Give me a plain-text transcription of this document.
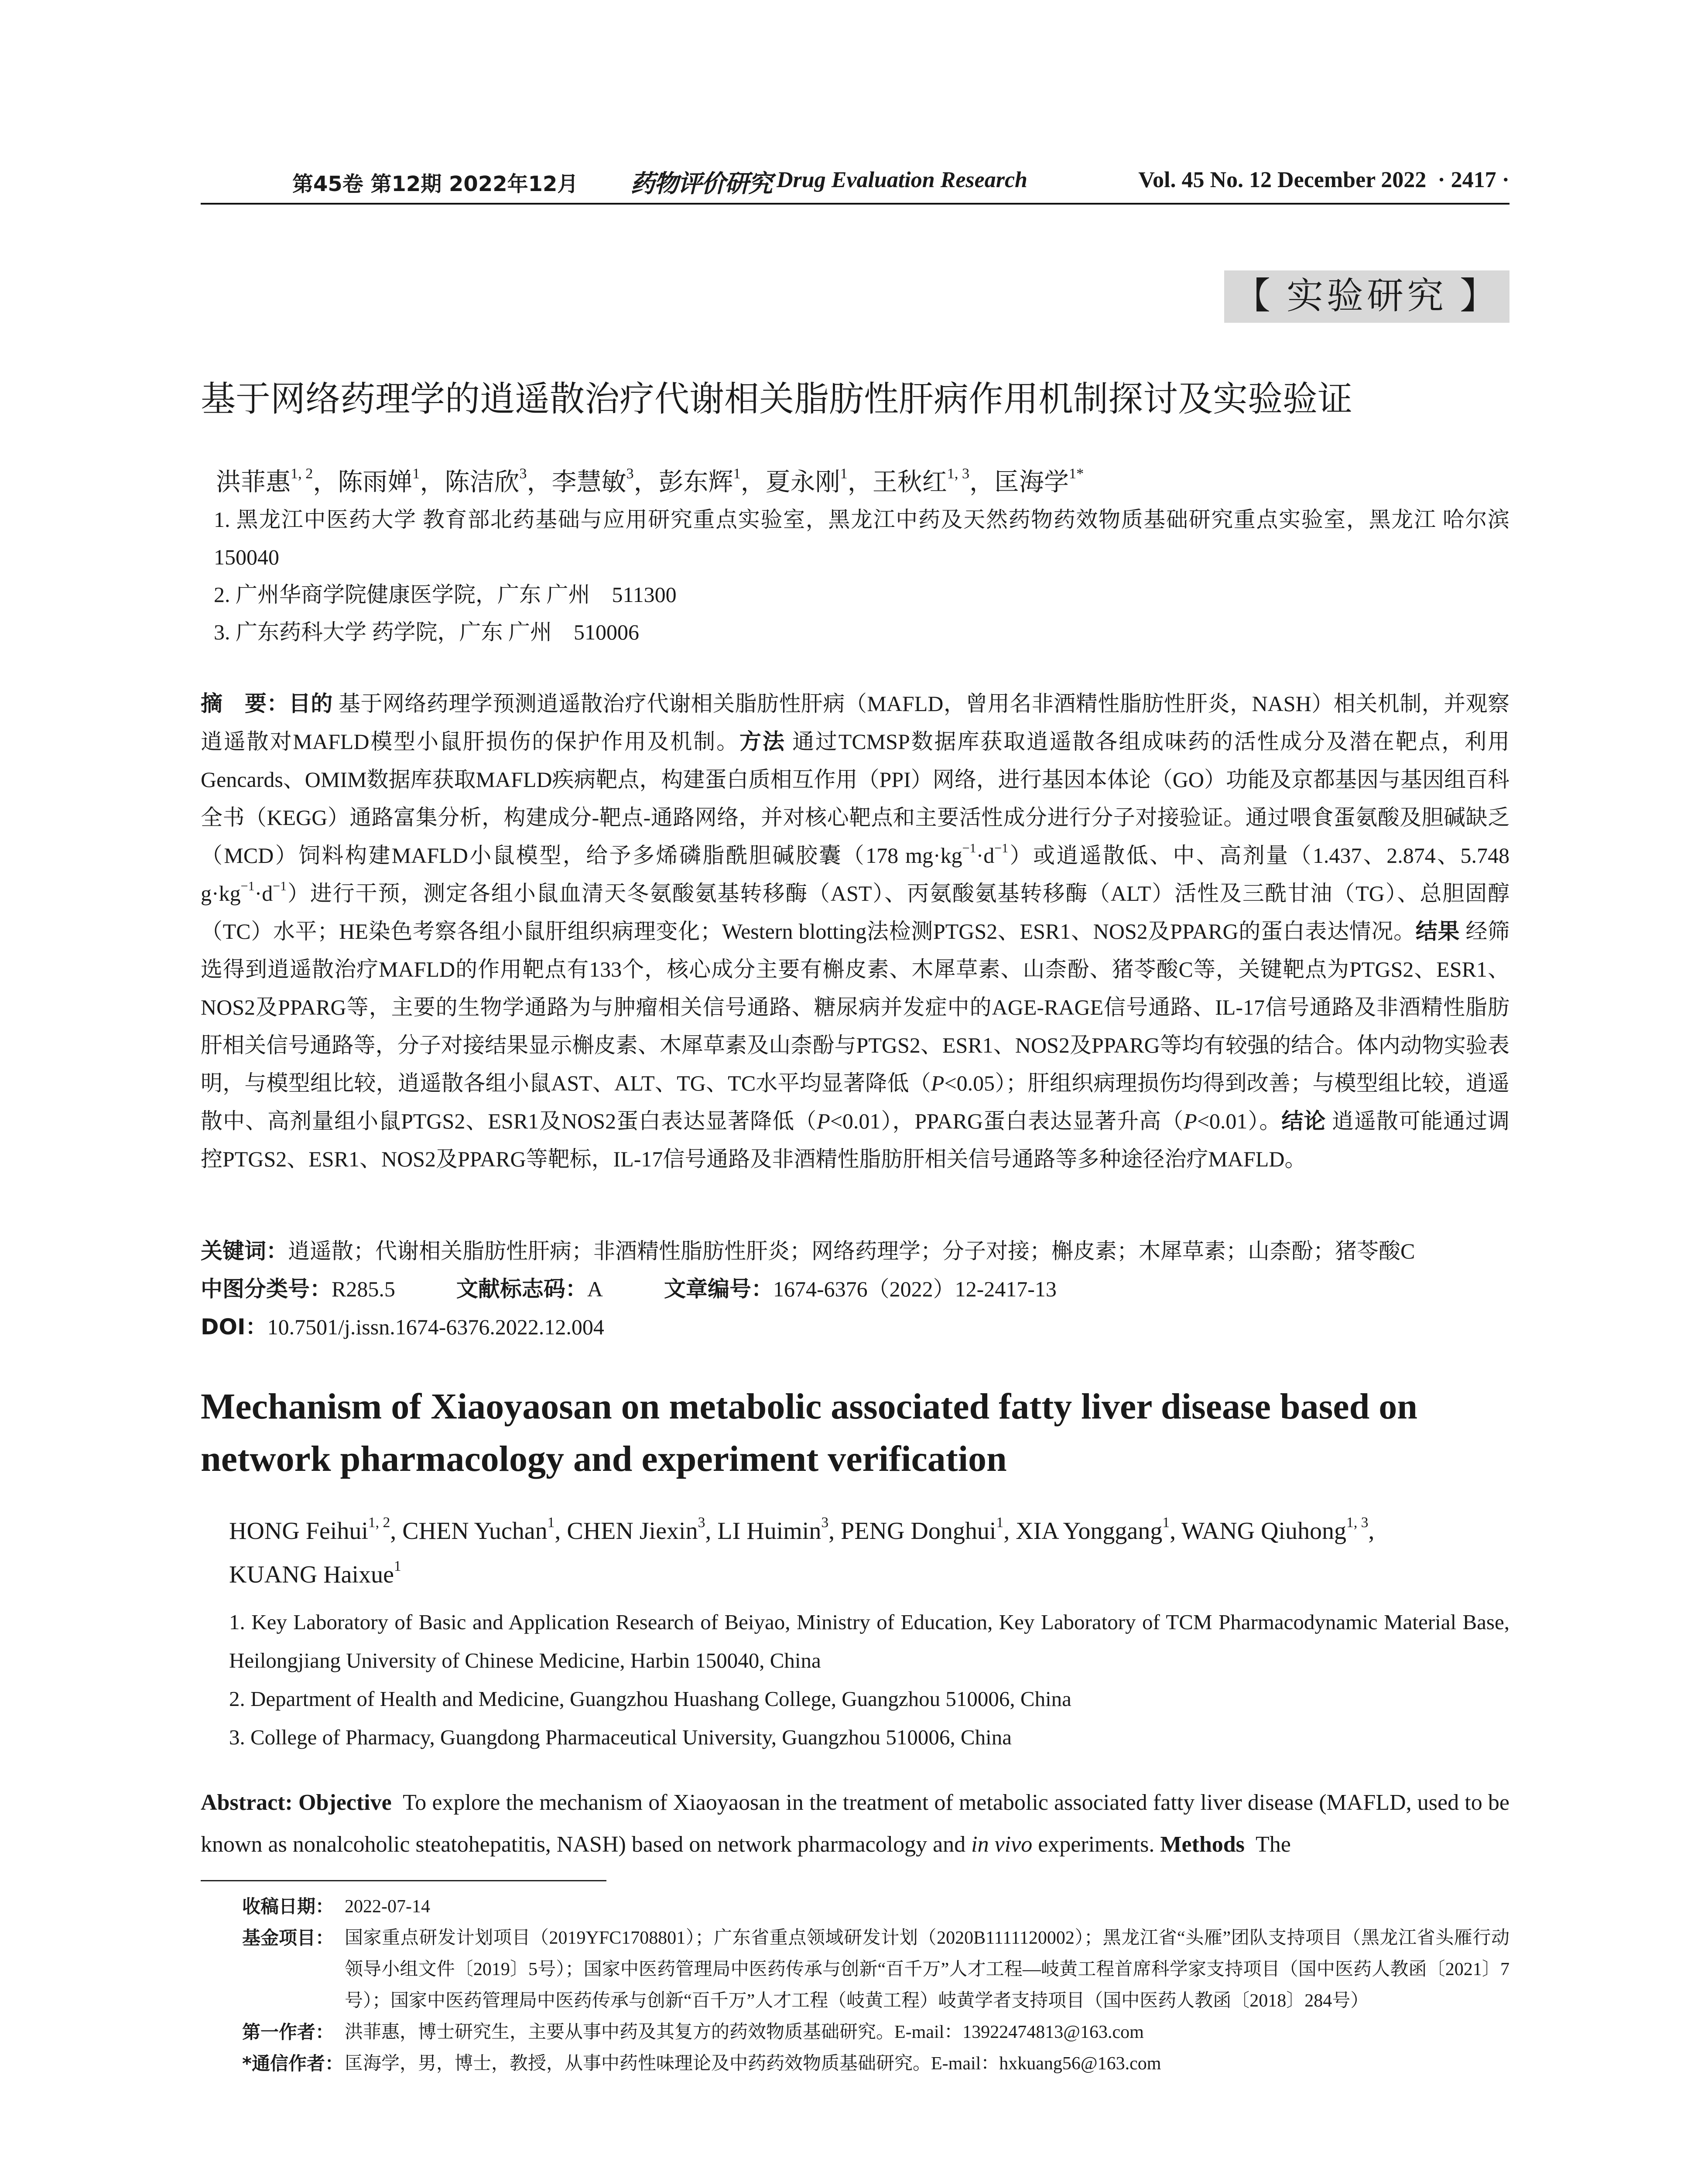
第45卷 第12期 2022年12月 药物评价研究 Drug Evaluation Research	Vol. 45 No. 12 December 2022 · 2417 ·
【 实验研究 】
基于网络药理学的逍遥散治疗代谢相关脂肪性肝病作用机制探讨及实验验证
洪菲惠$^{1, 2}$，陈雨婵$^1$，陈洁欣$^3$，李慧敏$^3$，彭东辉$^1$，夏永刚$^1$，王秋红$^{1, 3}$，匡海学$^{1*}$

1. 黑龙江中医药大学 教育部北药基础与应用研究重点实验室，黑龙江中药及天然药物药效物质基础研究重点实验室，黑龙江 哈尔滨　150040

2. 广州华商学院健康医学院，广东 广州　511300

3. 广东药科大学 药学院，广东 广州　510006

摘　要：目的 基于网络药理学预测逍遥散治疗代谢相关脂肪性肝病（MAFLD，曾用名非酒精性脂肪性肝炎，NASH）相关机制，并观察逍遥散对MAFLD模型小鼠肝损伤的保护作用及机制。方法 通过TCMSP数据库获取逍遥散各组成味药的活性成分及潜在靶点，利用Gencards、OMIM数据库获取MAFLD疾病靶点，构建蛋白质相互作用（PPI）网络，进行基因本体论（GO）功能及京都基因与基因组百科全书（KEGG）通路富集分析，构建成分-靶点-通路网络，并对核心靶点和主要活性成分进行分子对接验证。通过喂食蛋氨酸及胆碱缺乏（MCD）饲料构建MAFLD小鼠模型，给予多烯磷脂酰胆碱胶囊（178 $mg\cdot kg^{-1}\cdot d^{-1}$）或逍遥散低、中、高剂量（1.437、2.874、5.748 $g\cdot kg^{-1}\cdot d^{-1}$）进行干预，测定各组小鼠血清天冬氨酸氨基转移酶（AST）、丙氨酸氨基转移酶（ALT）活性及三酰甘油（TG）、总胆固醇（TC）水平；HE染色考察各组小鼠肝组织病理变化；Western blotting法检测PTGS2、ESR1、NOS2及PPARG的蛋白表达情况。结果 经筛选得到逍遥散治疗MAFLD的作用靶点有133个，核心成分主要有槲皮素、木犀草素、山柰酚、猪苓酸C等，关键靶点为PTGS2、ESR1、NOS2及PPARG等，主要的生物学通路为与肿瘤相关信号通路、糖尿病并发症中的AGE-RAGE信号通路、IL-17信号通路及非酒精性脂肪肝相关信号通路等，分子对接结果显示槲皮素、木犀草素及山柰酚与PTGS2、ESR1、NOS2及PPARG等均有较强的结合。体内动物实验表明，与模型组比较，逍遥散各组小鼠AST、ALT、TG、TC水平均显著降低（P<0.05）；肝组织病理损伤均得到改善；与模型组比较，逍遥散中、高剂量组小鼠PTGS2、ESR1及NOS2蛋白表达显著降低（P<0.01），PPARG蛋白表达显著升高（P<0.01）。结论 逍遥散可能通过调控PTGS2、ESR1、NOS2及PPARG等靶标，IL-17信号通路及非酒精性脂肪肝相关信号通路等多种途径治疗MAFLD。

关键词：逍遥散；代谢相关脂肪性肝病；非酒精性脂肪性肝炎；网络药理学；分子对接；槲皮素；木犀草素；山柰酚；猪苓酸C
中图分类号：R285.5	文献标志码：A	文章编号：1674-6376（2022）12-2417-13
DOI：10.7501/j.issn.1674-6376.2022.12.004
Mechanism of Xiaoyaosan on metabolic associated fatty liver disease based on
network pharmacology and experiment verification
HONG Feihui$^{1, 2}$, CHEN Yuchan$^1$, CHEN Jiexin$^3$, LI Huimin$^3$, PENG Donghui$^1$, XIA Yonggang$^1$, WANG Qiuhong$^{1, 3}$,
KUANG Haixue$^1$

1. Key Laboratory of Basic and Application Research of Beiyao, Ministry of Education, Key Laboratory of TCM Pharmacodynamic Material Base, Heilongjiang University of Chinese Medicine, Harbin 150040, China

2. Department of Health and Medicine, Guangzhou Huashang College, Guangzhou 510006, China

3. College of Pharmacy, Guangdong Pharmaceutical University, Guangzhou 510006, China

Abstract: Objective To explore the mechanism of Xiaoyaosan in the treatment of metabolic associated fatty liver disease (MAFLD, used to be known as nonalcoholic steatohepatitis, NASH) based on network pharmacology and in vivo experiments. Methods The

收稿日期： 2022-07-14
基金项目： 国家重点研发计划项目（2019YFC1708801）；广东省重点领域研发计划（2020B1111120002）；黑龙江省“头雁”团队支持项目（黑龙江省头雁行动领导小组文件〔2019〕5号）；国家中医药管理局中医药传承与创新“百千万”人才工程—岐黄工程首席科学家支持项目（国中医药人教函〔2021〕7号）；国家中医药管理局中医药传承与创新“百千万”人才工程（岐黄工程）岐黄学者支持项目（国中医药人教函〔2018〕284号）
第一作者： 洪菲惠，博士研究生，主要从事中药及其复方的药效物质基础研究。E-mail：13922474813@163.com
*通信作者： 匡海学，男，博士，教授，从事中药性味理论及中药药效物质基础研究。E-mail：hxkuang56@163.com
